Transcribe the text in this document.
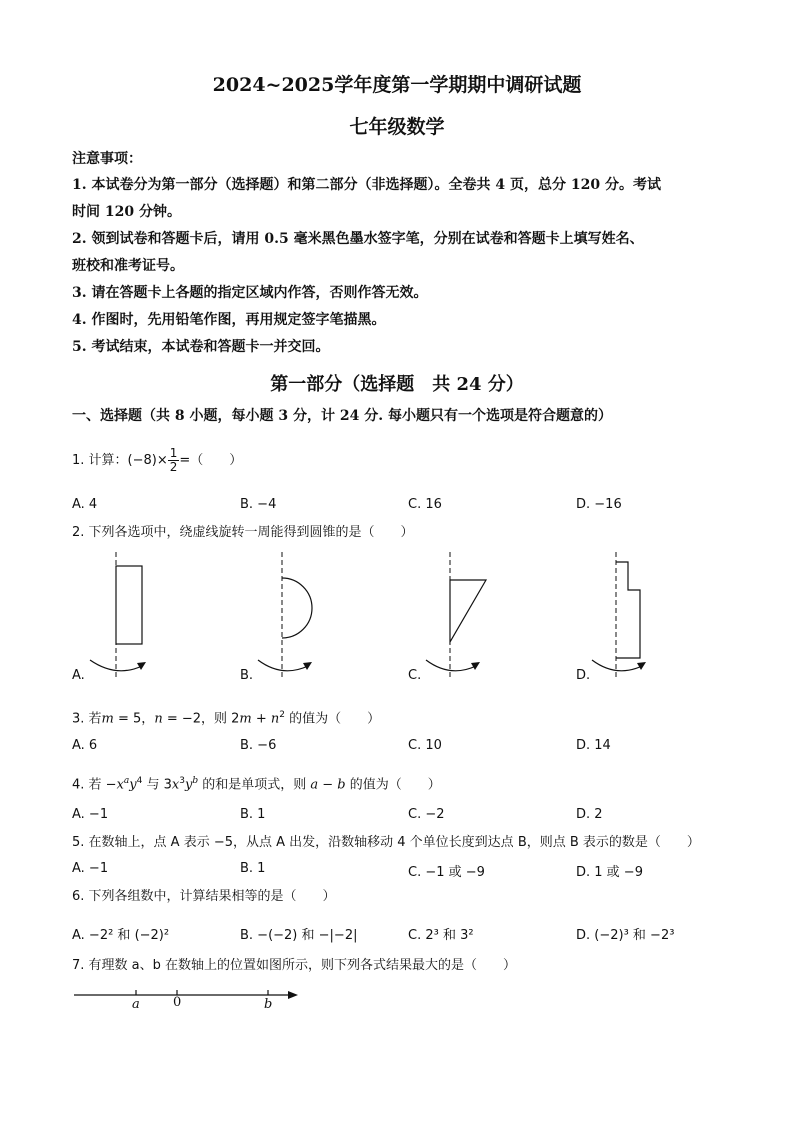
2024~2025学年度第一学期期中调研试题
七年级数学
注意事项：
1. 本试卷分为第一部分（选择题）和第二部分（非选择题）。全卷共 4 页，总分 120 分。考试
时间 120 分钟。
2. 领到试卷和答题卡后，请用 0.5 毫米黑色墨水签字笔，分别在试卷和答题卡上填写姓名、
班校和准考证号。
3. 请在答题卡上各题的指定区域内作答，否则作答无效。
4. 作图时，先用铅笔作图，再用规定签字笔描黑。
5. 考试结束，本试卷和答题卡一并交回。
第一部分（选择题　共 24 分）
一、选择题（共 8 小题，每小题 3 分，计 24 分. 每小题只有一个选项是符合题意的）
1. 计算：$(-8)\times \frac{1}{2}$ =（　　）
A. 4	B. −4	C. 16	D. −16
2. 下列各选项中，绕虚线旋转一周能得到圆锥的是（　　）
A.	B.	C.	D.
3. 若m = 5，n = −2，则 $2m + n^2$ 的值为（　　）
A. 6	B. −6	C. 10	D. 14
4. 若 $-x^ay^4$ 与 $3x^3y^b$ 的和是单项式，则 a − b 的值为（　　）
A. −1	B. 1	C. −2	D. 2
5. 在数轴上，点 A 表示 −5，从点 A 出发，沿数轴移动 4 个单位长度到达点 B，则点 B 表示的数是（　　）
A. −1	B. 1	C. −1 或 −9	D. 1 或 −9
6. 下列各组数中，计算结果相等的是（　　）
A. −2² 和 (−2)²	B. −(−2) 和 −|−2|	C. 2³ 和 3²	D. (−2)³ 和 −2³
7. 有理数 a、b 在数轴上的位置如图所示，则下列各式结果最大的是（　　）
a	0	b
